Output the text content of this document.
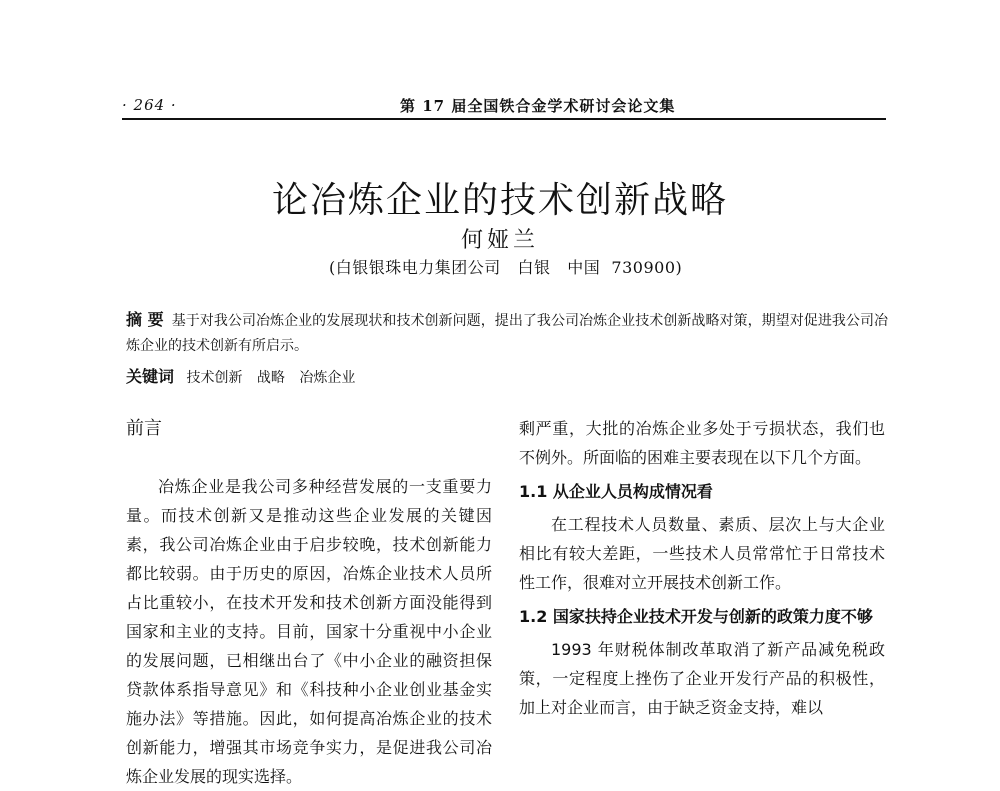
· 264 ·	第 17 届全国铁合金学术研讨会论文集
论冶炼企业的技术创新战略
何娅兰
(白银银珠电力集团公司   白银   中国  730900)
摘 要 基于对我公司冶炼企业的发展现状和技术创新问题，提出了我公司冶炼企业技术创新战略对策，期望对促进我公司冶炼企业的技术创新有所启示。
关键词 技术创新 战略 冶炼企业
前言

冶炼企业是我公司多种经营发展的一支重要力量。而技术创新又是推动这些企业发展的关键因素，我公司冶炼企业由于启步较晚，技术创新能力都比较弱。由于历史的原因，冶炼企业技术人员所占比重较小，在技术开发和技术创新方面没能得到国家和主业的支持。目前，国家十分重视中小企业的发展问题，已相继出台了《中小企业的融资担保贷款体系指导意见》和《科技种小企业创业基金实施办法》等措施。因此，如何提高冶炼企业的技术创新能力，增强其市场竞争实力，是促进我公司冶炼企业发展的现实选择。

剩严重，大批的冶炼企业多处于亏损状态，我们也不例外。所面临的困难主要表现在以下几个方面。

1.1 从企业人员构成情况看

在工程技术人员数量、素质、层次上与大企业相比有较大差距，一些技术人员常常忙于日常技术性工作，很难对立开展技术创新工作。

1.2 国家扶持企业技术开发与创新的政策力度不够

1993 年财税体制改革取消了新产品减免税政策，一定程度上挫伤了企业开发行产品的积极性，加上对企业而言，由于缺乏资金支持，难以
